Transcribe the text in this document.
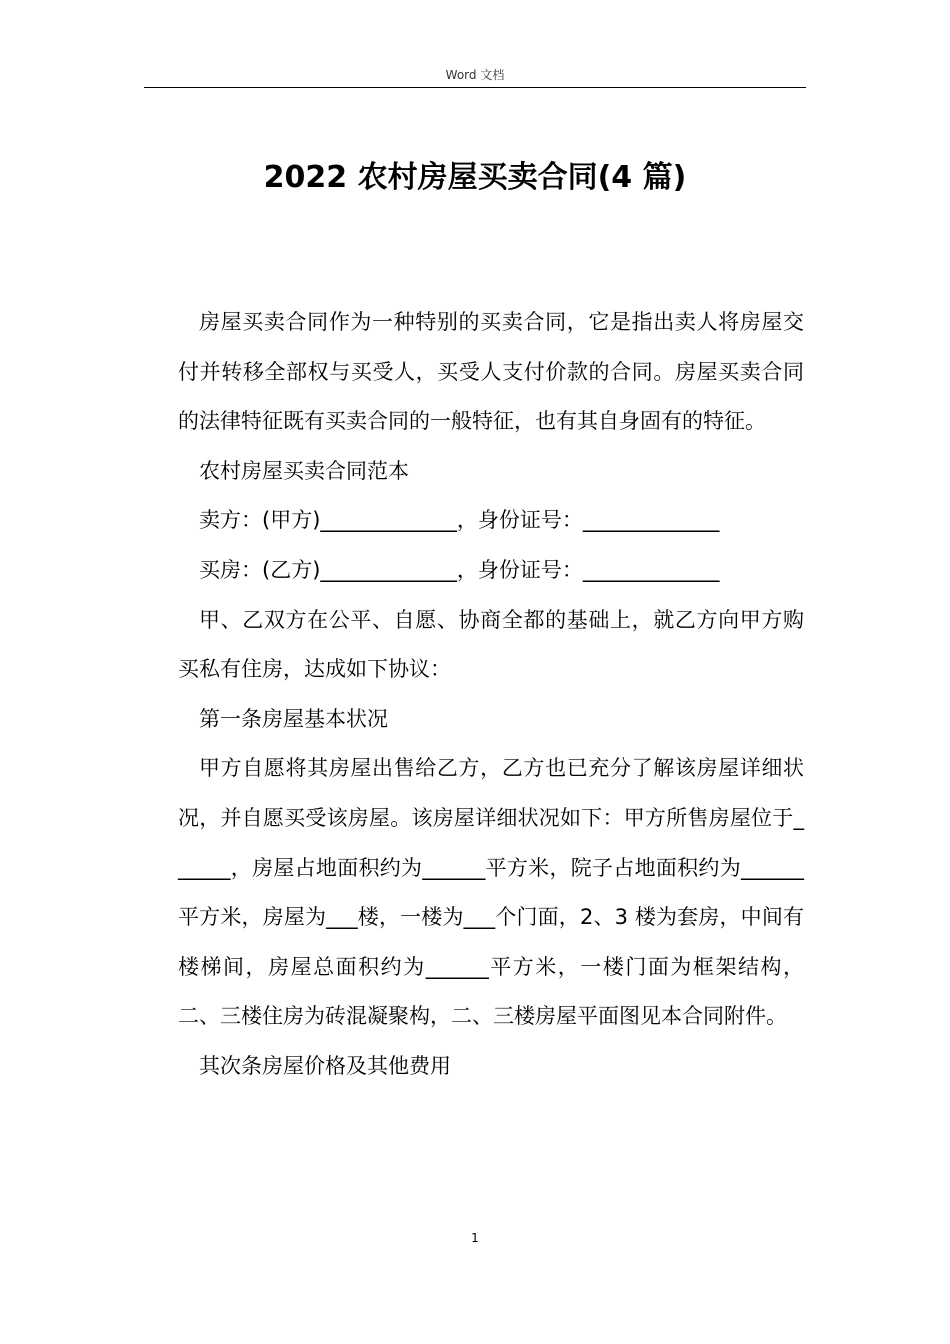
Word 文档
2022 农村房屋买卖合同(4 篇)

房屋买卖合同作为一种特别的买卖合同，它是指出卖人将房屋交付并转移全部权与买受人，买受人支付价款的合同。房屋买卖合同的法律特征既有买卖合同的一般特征，也有其自身固有的特征。

农村房屋买卖合同范本

卖方：(甲方)_____________，身份证号：_____________

买房：(乙方)_____________，身份证号：_____________

甲、乙双方在公平、自愿、协商全都的基础上，就乙方向甲方购买私有住房，达成如下协议：

第一条房屋基本状况

甲方自愿将其房屋出售给乙方，乙方也已充分了解该房屋详细状况，并自愿买受该房屋。该房屋详细状况如下：甲方所售房屋位于______，房屋占地面积约为______平方米，院子占地面积约为______平方米，房屋为___楼，一楼为___个门面，2、3 楼为套房，中间有楼梯间，房屋总面积约为______平方米，一楼门面为框架结构，二、三楼住房为砖混凝聚构，二、三楼房屋平面图见本合同附件。

其次条房屋价格及其他费用

1
